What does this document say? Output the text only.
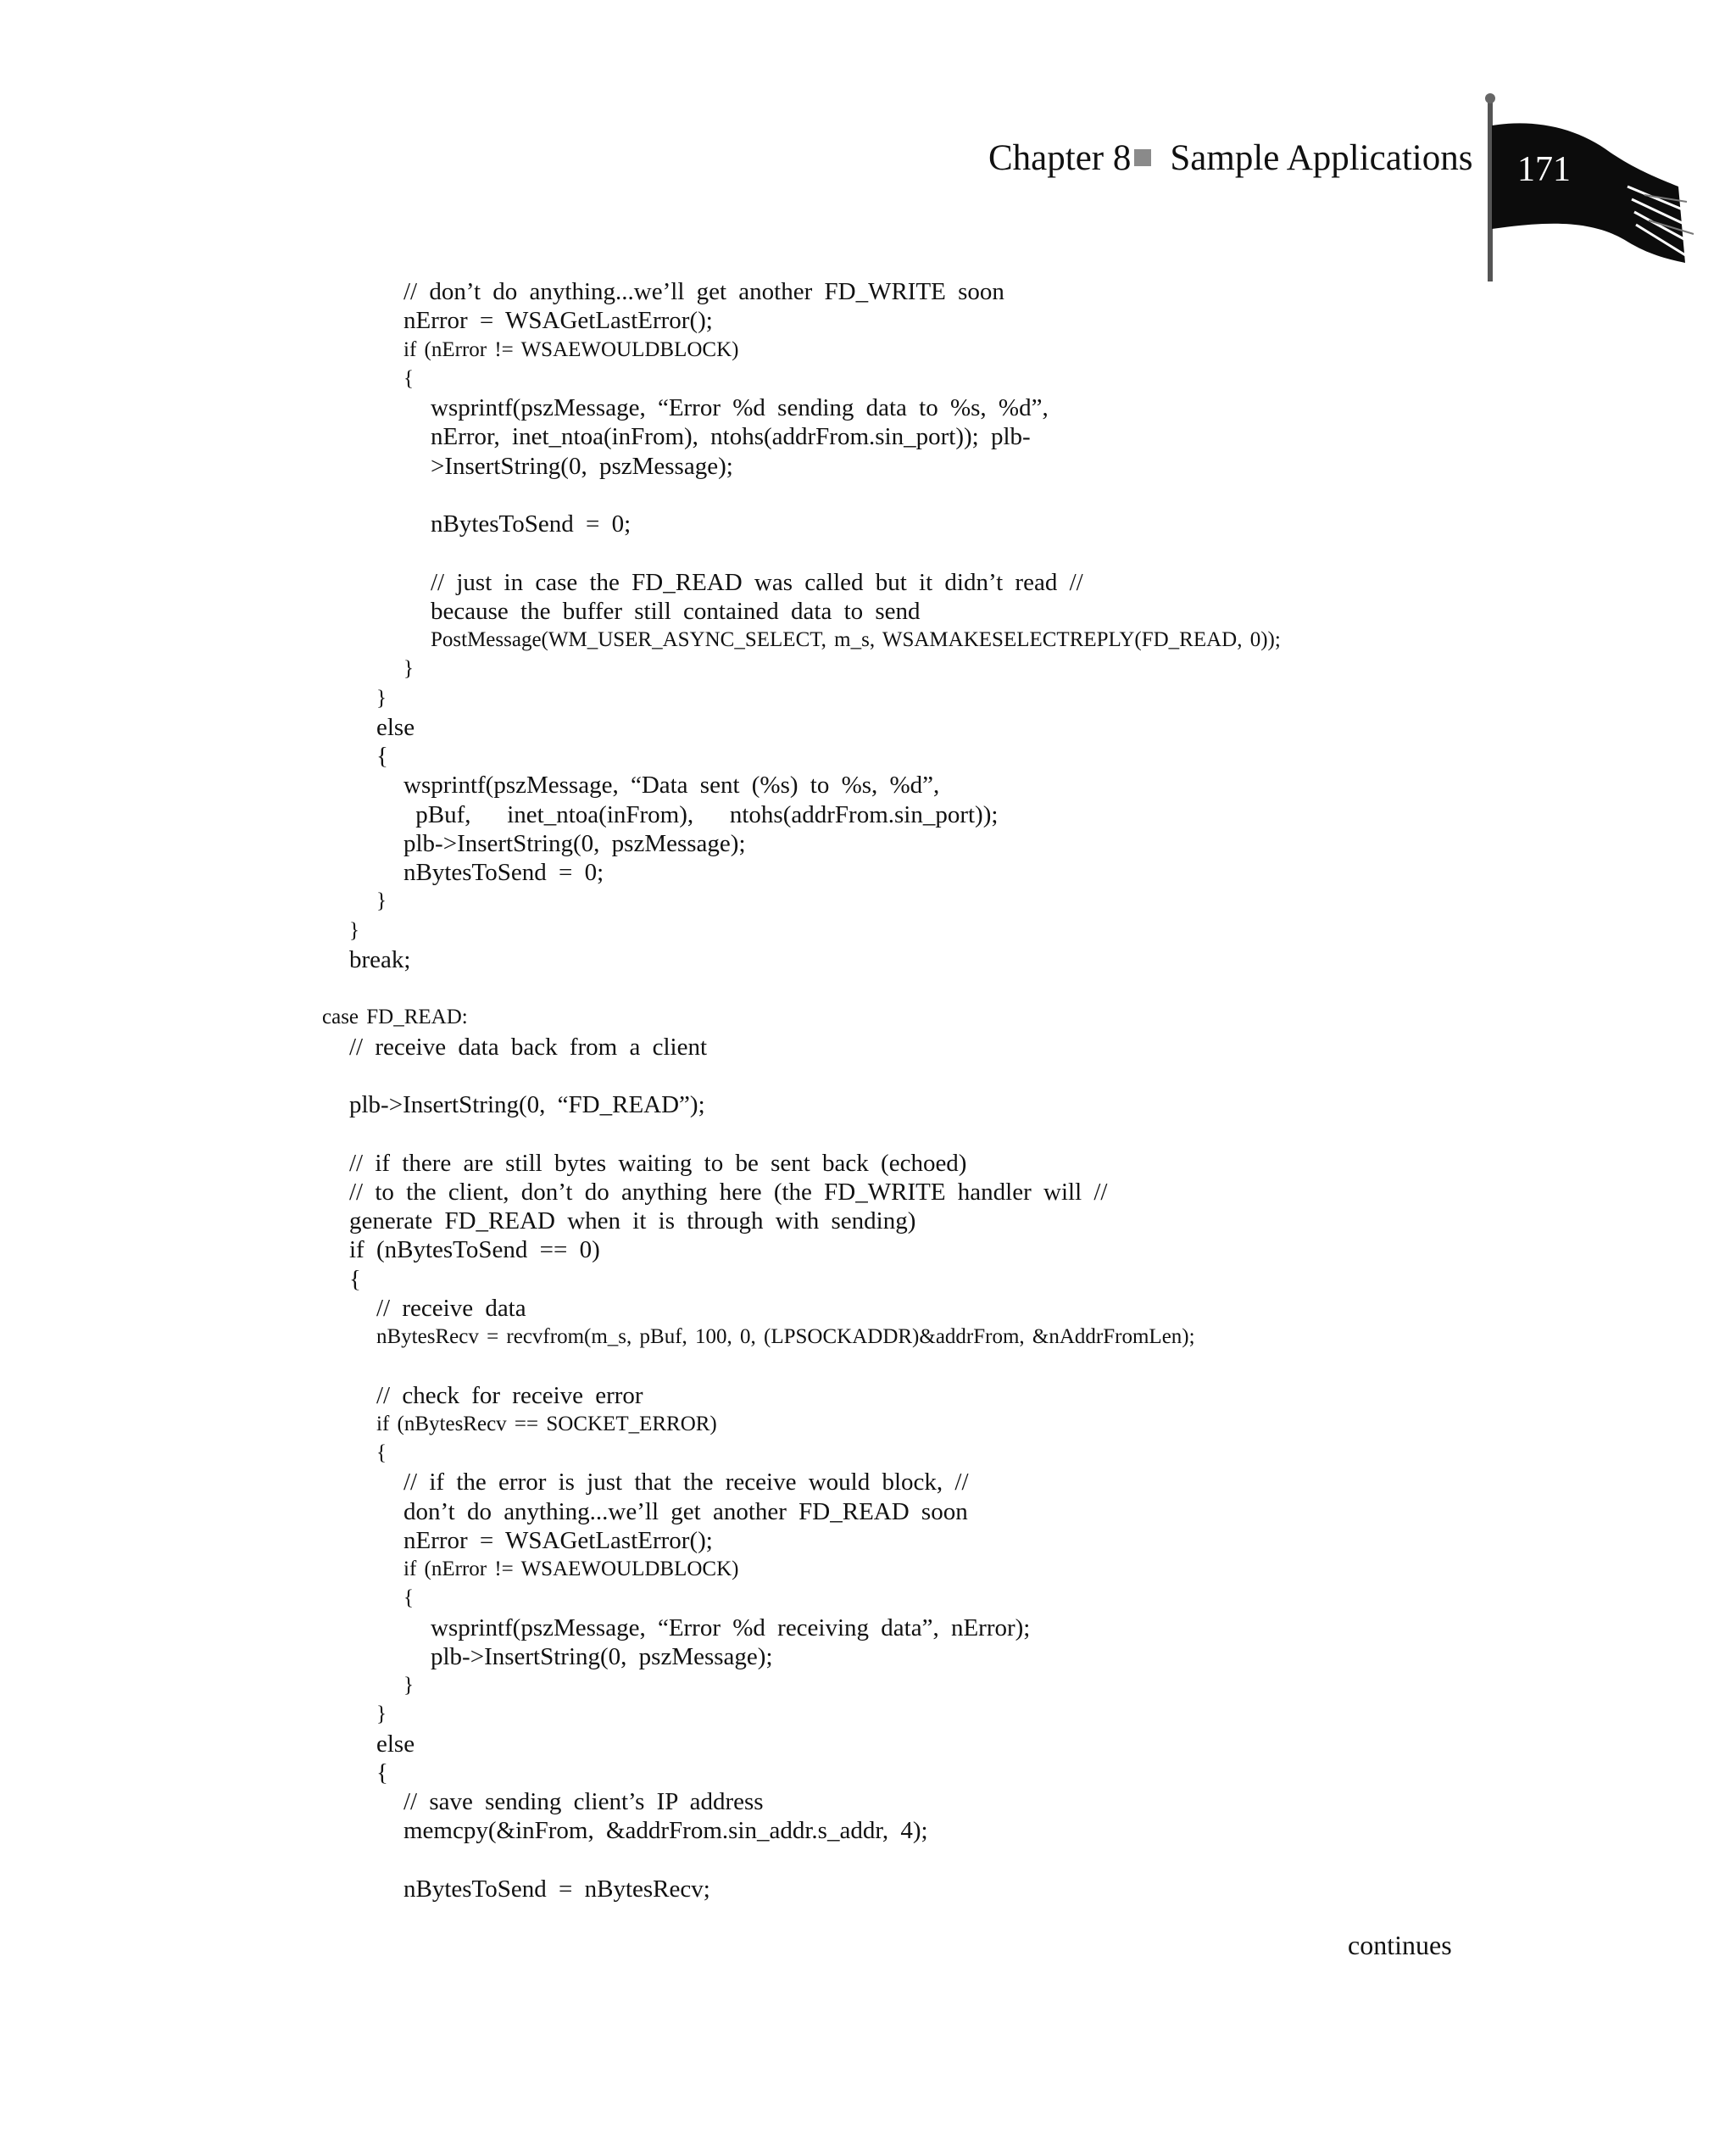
Chapter 8 Sample Applications 171
// don’t do anything...we’ll get another FD_WRITE soon
nError = WSAGetLastError();
if (nError != WSAEWOULDBLOCK)
{
wsprintf(pszMessage, “Error %d sending data to %s, %d”,
nError, inet_ntoa(inFrom), ntohs(addrFrom.sin_port)); plb-
>InsertString(0, pszMessage);
nBytesToSend = 0;
// just in case the FD_READ was called but it didn’t read //
because the buffer still contained data to send
PostMessage(WM_USER_ASYNC_SELECT, m_s, WSAMAKESELECTREPLY(FD_READ, 0));
}
}
else
{
wsprintf(pszMessage, “Data sent (%s) to %s, %d”,
pBuf,   inet_ntoa(inFrom),   ntohs(addrFrom.sin_port));
plb->InsertString(0, pszMessage);
nBytesToSend = 0;
}
}
break;
case FD_READ:
// receive data back from a client
plb->InsertString(0, “FD_READ”);
// if there are still bytes waiting to be sent back (echoed)
// to the client, don’t do anything here (the FD_WRITE handler will //
generate FD_READ when it is through with sending)
if (nBytesToSend == 0)
{
// receive data
nBytesRecv = recvfrom(m_s, pBuf, 100, 0, (LPSOCKADDR)&addrFrom, &nAddrFromLen);
// check for receive error
if (nBytesRecv == SOCKET_ERROR)
{
// if the error is just that the receive would block, //
don’t do anything...we’ll get another FD_READ soon
nError = WSAGetLastError();
if (nError != WSAEWOULDBLOCK)
{
wsprintf(pszMessage, “Error %d receiving data”, nError);
plb->InsertString(0, pszMessage);
}
}
else
{
// save sending client’s IP address
memcpy(&inFrom, &addrFrom.sin_addr.s_addr, 4);
nBytesToSend = nBytesRecv;
continues
